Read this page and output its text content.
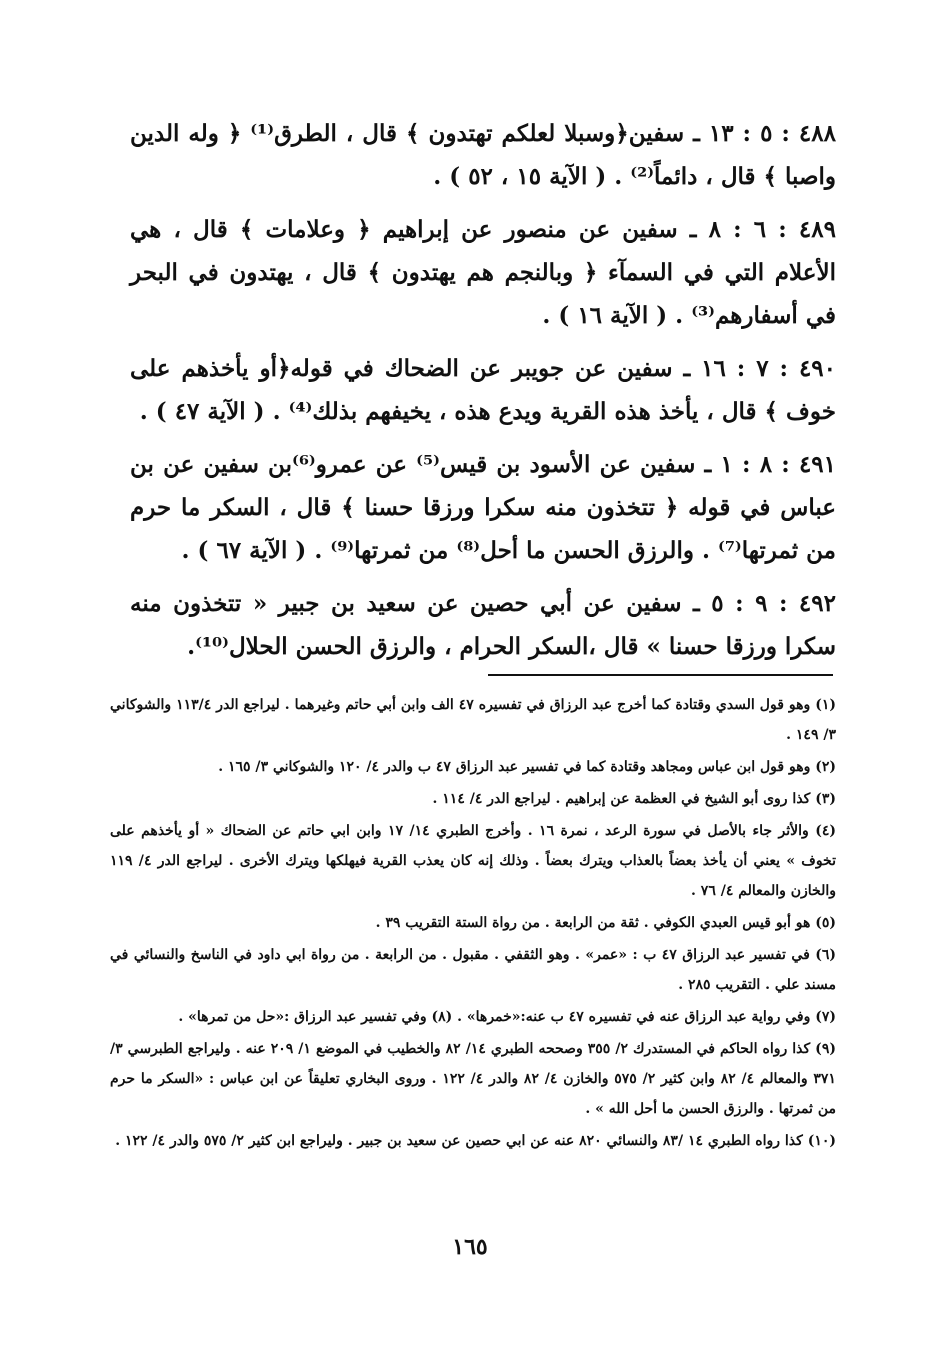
٤٨٨ : ٥ : ١٣ ـ سفين﴿وسبلا لعلكم تهتدون ﴾ قال ، الطرق⁽¹⁾ ﴿ وله الدين واصبا ﴾ قال ، دائماً⁽²⁾ . ( الآية ١٥ ، ٥٢ ) .

٤٨٩ : ٦ : ٨ ـ سفين عن منصور عن إبراهيم ﴿ وعلامات ﴾ قال ، هي الأعلام التي في السمآء ﴿ وبالنجم هم يهتدون ﴾ قال ، يهتدون في البحر في أسفارهم⁽³⁾ . ( الآية ١٦ ) .

٤٩٠ : ٧ : ١٦ ـ سفين عن جويبر عن الضحاك في قوله﴿أو يأخذهم على خوف ﴾ قال ، يأخذ هذه القرية ويدع هذه ، يخيفهم بذلك⁽⁴⁾ . ( الآية ٤٧ ) .

٤٩١ : ٨ : ١ ـ سفين عن الأسود بن قيس⁽⁵⁾ عن عمرو⁽⁶⁾بن سفين عن بن عباس في قوله ﴿ تتخذون منه سكرا ورزقا حسنا ﴾ قال ، السكر ما حرم من ثمرتها⁽⁷⁾ . والرزق الحسن ما أحل⁽⁸⁾ من ثمرتها⁽⁹⁾ . ( الآية ٦٧ ) .

٤٩٢ : ٩ : ٥ ـ سفين عن أبي حصين عن سعيد بن جبير « تتخذون منه سكرا ورزقا حسنا » قال ،السكر الحرام ، والرزق الحسن الحلال⁽¹⁰⁾.

(١) وهو قول السدي وقتادة كما أخرج عبد الرزاق في تفسيره ٤٧ الف وابن أبي حاتم وغيرهما . ليراجع الدر ١١٣/٤ والشوكاني ٣/ ١٤٩ .

(٢) وهو قول ابن عباس ومجاهد وقتادة كما في تفسير عبد الرزاق ٤٧ ب والدر ٤/ ١٢٠ والشوكاني ٣/ ١٦٥ .

(٣) كذا روى أبو الشيخ في العظمة عن إبراهيم . ليراجع الدر ٤/ ١١٤ .

(٤) والأثر جاء بالأصل في سورة الرعد ، نمرة ١٦ . وأخرج الطبري ١٤/ ١٧ وابن ابي حاتم عن الضحاك « أو يأخذهم على تخوف » يعني أن يأخذ بعضاً بالعذاب ويترك بعضاً . وذلك إنه كان يعذب القرية فيهلكها ويترك الأخرى . ليراجع الدر ٤/ ١١٩ والخازن والمعالم ٤/ ٧٦ .

(٥) هو أبو قيس العبدي الكوفي . ثقة من الرابعة . من رواة الستة التقريب ٣٩ .

(٦) في تفسير عبد الرزاق ٤٧ ب : «عمر» . وهو الثقفي . مقبول . من الرابعة . من رواة ابي داود في الناسخ والنسائي في مسند علي . التقريب ٢٨٥ .

(٧) وفي رواية عبد الرزاق عنه في تفسيره ٤٧ ب عنه:«خمرها» . (٨) وفي تفسير عبد الرزاق :«حل من تمرها» .

(٩) كذا رواه الحاكم في المستدرك ٢/ ٣٥٥ وصححه الطبري ١٤/ ٨٢ والخطيب في الموضع ١/ ٢٠٩ عنه . وليراجع الطبرسي ٣/ ٣٧١ والمعالم ٤/ ٨٢ وابن كثير ٢/ ٥٧٥ والخازن ٤/ ٨٢ والدر ٤/ ١٢٢ . وروى البخاري تعليقاً عن ابن عباس : «السكر ما حرم من ثمرتها . والرزق الحسن ما أحل الله » .

(١٠) كذا رواه الطبري ١٤ /٨٣ والنسائي ٨٢٠ عنه عن ابي حصين عن سعيد بن جبير . وليراجع ابن كثير ٢/ ٥٧٥ والدر ٤/ ١٢٢ .

١٦٥
